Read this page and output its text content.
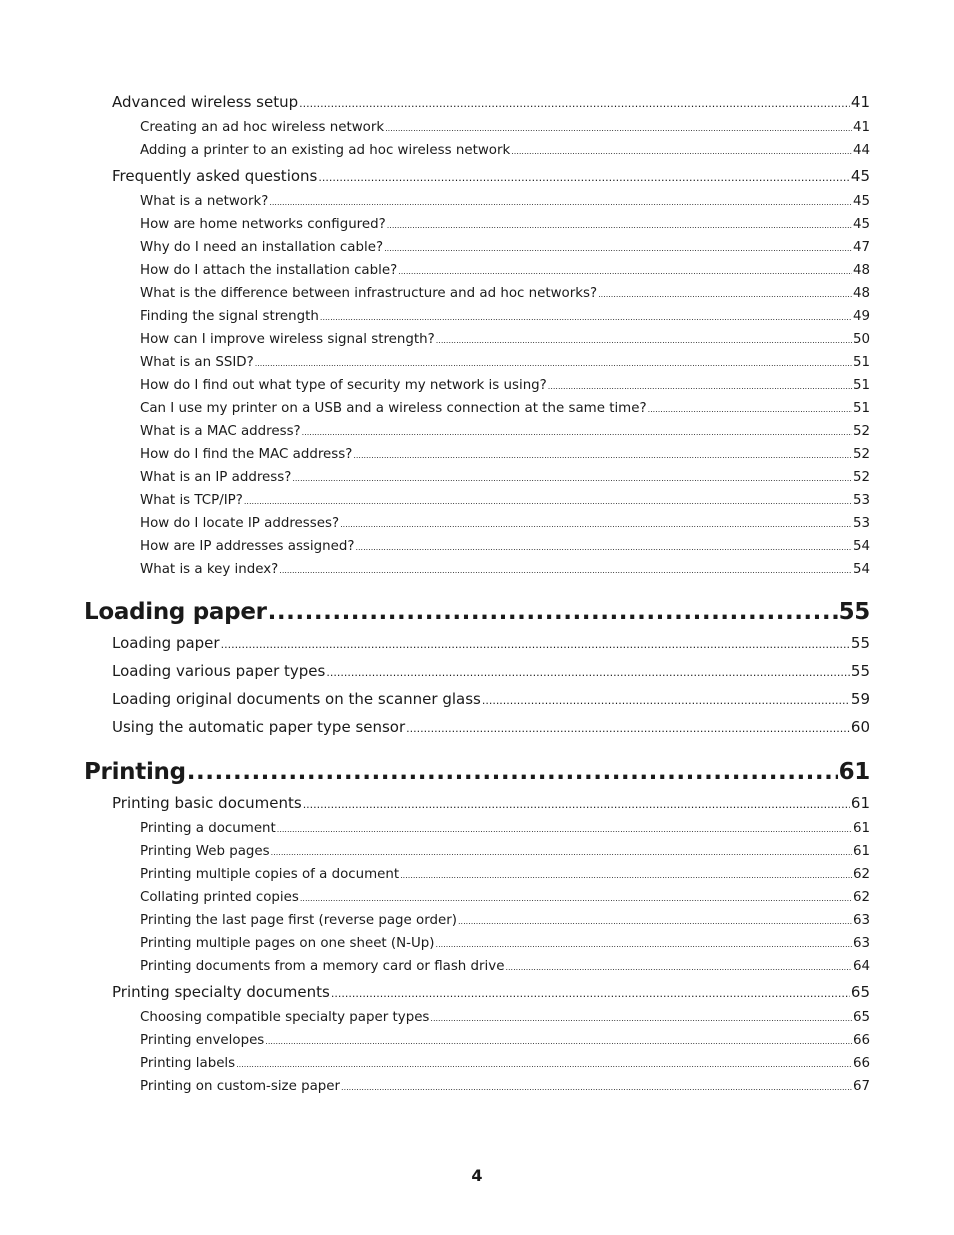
Advanced wireless setup .....	41
Creating an ad hoc wireless network .....	41
Adding a printer to an existing ad hoc wireless network .....	44
Frequently asked questions .....	45
What is a network? .....	45
How are home networks configured? .....	45
Why do I need an installation cable? .....	47
How do I attach the installation cable? .....	48
What is the difference between infrastructure and ad hoc networks? .....	48
Finding the signal strength .....	49
How can I improve wireless signal strength? .....	50
What is an SSID? .....	51
How do I find out what type of security my network is using? .....	51
Can I use my printer on a USB and a wireless connection at the same time? .....	51
What is a MAC address? .....	52
How do I find the MAC address? .....	52
What is an IP address? .....	52
What is TCP/IP? .....	53
How do I locate IP addresses? .....	53
How are IP addresses assigned? .....	54
What is a key index? .....	54
Loading paper .....	55
Loading paper .....	55
Loading various paper types .....	55
Loading original documents on the scanner glass .....	59
Using the automatic paper type sensor .....	60
Printing .....	61
Printing basic documents .....	61
Printing a document .....	61
Printing Web pages .....	61
Printing multiple copies of a document .....	62
Collating printed copies .....	62
Printing the last page first (reverse page order) .....	63
Printing multiple pages on one sheet (N-Up) .....	63
Printing documents from a memory card or flash drive .....	64
Printing specialty documents .....	65
Choosing compatible specialty paper types .....	65
Printing envelopes .....	66
Printing labels .....	66
Printing on custom-size paper .....	67
4
